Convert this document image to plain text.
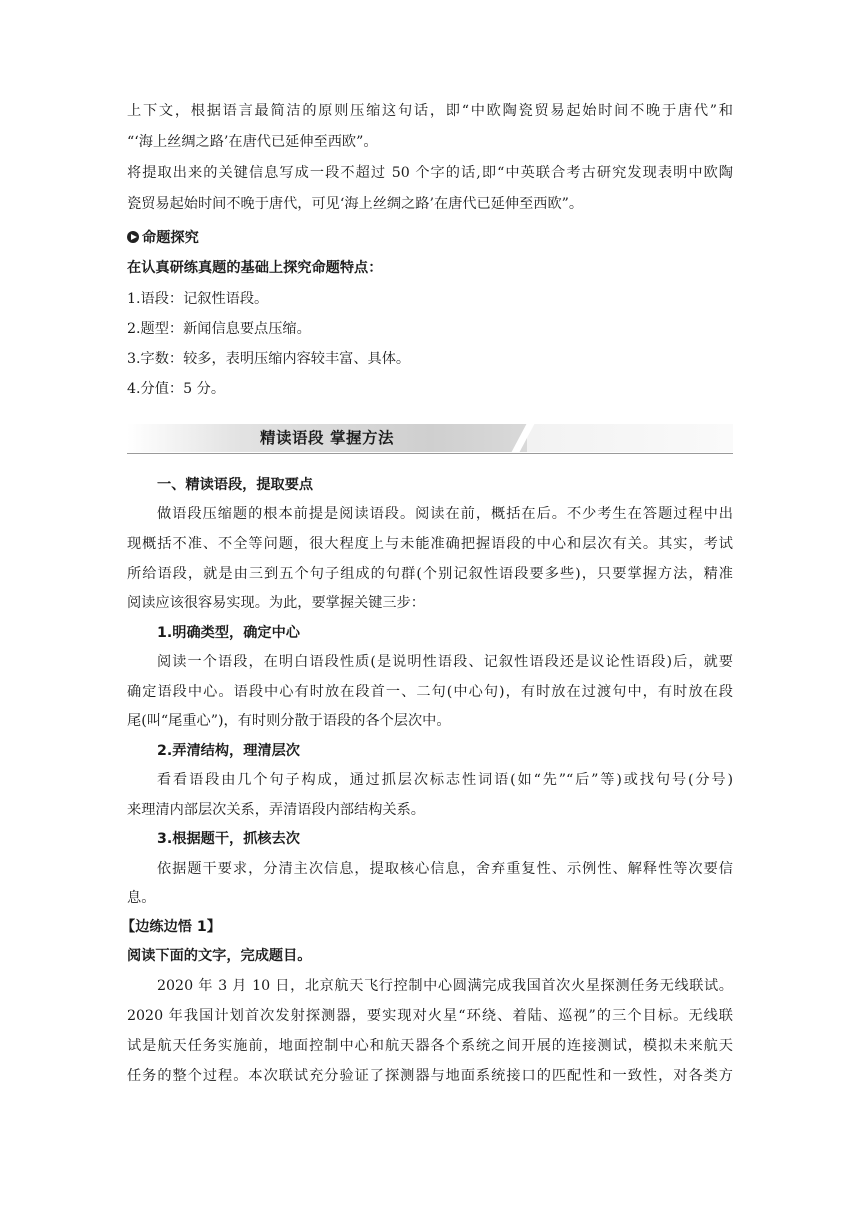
上下文，根据语言最简洁的原则压缩这句话，即“中欧陶瓷贸易起始时间不晚于唐代”和
“‘海上丝绸之路’在唐代已延伸至西欧”。
将提取出来的关键信息写成一段不超过 50 个字的话,即“中英联合考古研究发现表明中欧陶
瓷贸易起始时间不晚于唐代，可见‘海上丝绸之路’在唐代已延伸至西欧”。
命题探究
在认真研练真题的基础上探究命题特点：
1.语段：记叙性语段。
2.题型：新闻信息要点压缩。
3.字数：较多，表明压缩内容较丰富、具体。
4.分值：5 分。
精读语段 掌握方法
一、精读语段，提取要点
做语段压缩题的根本前提是阅读语段。阅读在前，概括在后。不少考生在答题过程中出
现概括不准、不全等问题，很大程度上与未能准确把握语段的中心和层次有关。其实，考试
所给语段，就是由三到五个句子组成的句群(个别记叙性语段要多些)，只要掌握方法，精准
阅读应该很容易实现。为此，要掌握关键三步：
1.明确类型，确定中心
阅读一个语段，在明白语段性质(是说明性语段、记叙性语段还是议论性语段)后，就要
确定语段中心。语段中心有时放在段首一、二句(中心句)，有时放在过渡句中，有时放在段
尾(叫“尾重心”)，有时则分散于语段的各个层次中。
2.弄清结构，理清层次
看看语段由几个句子构成，通过抓层次标志性词语(如“先”“后”等)或找句号(分号)
来理清内部层次关系，弄清语段内部结构关系。
3.根据题干，抓核去次
依据题干要求，分清主次信息，提取核心信息，舍弃重复性、示例性、解释性等次要信
息。
【边练边悟 1】
阅读下面的文字，完成题目。
2020 年 3 月 10 日，北京航天飞行控制中心圆满完成我国首次火星探测任务无线联试。
2020 年我国计划首次发射探测器，要实现对火星“环绕、着陆、巡视”的三个目标。无线联
试是航天任务实施前，地面控制中心和航天器各个系统之间开展的连接测试，模拟未来航天
任务的整个过程。本次联试充分验证了探测器与地面系统接口的匹配性和一致性，对各类方
